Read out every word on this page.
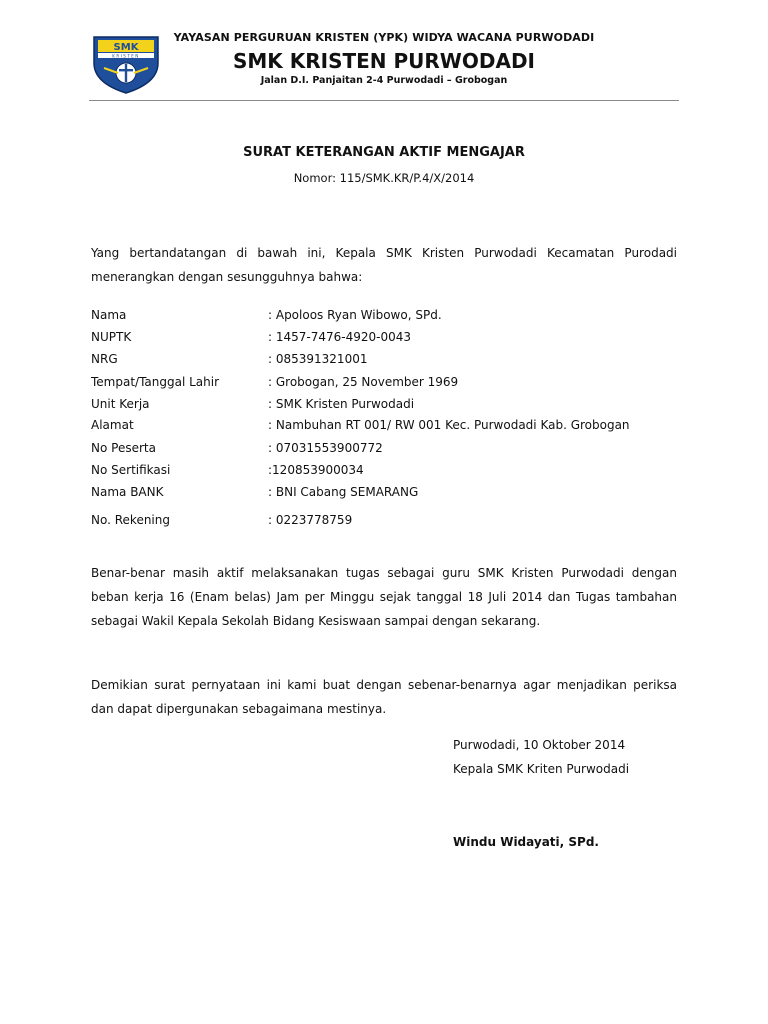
SMK
KRISTEN
YAYASAN PERGURUAN KRISTEN (YPK) WIDYA WACANA PURWODADI
SMK KRISTEN PURWODADI
Jalan D.I. Panjaitan 2-4 Purwodadi – Grobogan
SURAT KETERANGAN AKTIF MENGAJAR
Nomor: 115/SMK.KR/P.4/X/2014
Yang bertandatangan di bawah ini, Kepala SMK Kristen Purwodadi Kecamatan Purodadi menerangkan dengan sesungguhnya bahwa:
Nama	: Apoloos Ryan Wibowo, SPd.
NUPTK	: 1457-7476-4920-0043
NRG	: 085391321001
Tempat/Tanggal Lahir	: Grobogan, 25 November 1969
Unit Kerja	: SMK Kristen Purwodadi
Alamat	: Nambuhan RT 001/ RW 001 Kec. Purwodadi Kab. Grobogan
No Peserta	: 07031553900772
No Sertifikasi	:120853900034
Nama BANK	: BNI Cabang SEMARANG
No. Rekening	: 0223778759
Benar-benar masih aktif melaksanakan tugas sebagai guru SMK Kristen Purwodadi dengan beban kerja 16 (Enam belas) Jam per Minggu sejak tanggal 18 Juli 2014 dan Tugas tambahan sebagai Wakil Kepala Sekolah Bidang Kesiswaan sampai dengan sekarang.
Demikian surat pernyataan ini kami buat dengan sebenar-benarnya agar menjadikan periksa dan dapat dipergunakan sebagaimana mestinya.
Purwodadi, 10 Oktober 2014
Kepala SMK Kriten Purwodadi
Windu Widayati, SPd.
